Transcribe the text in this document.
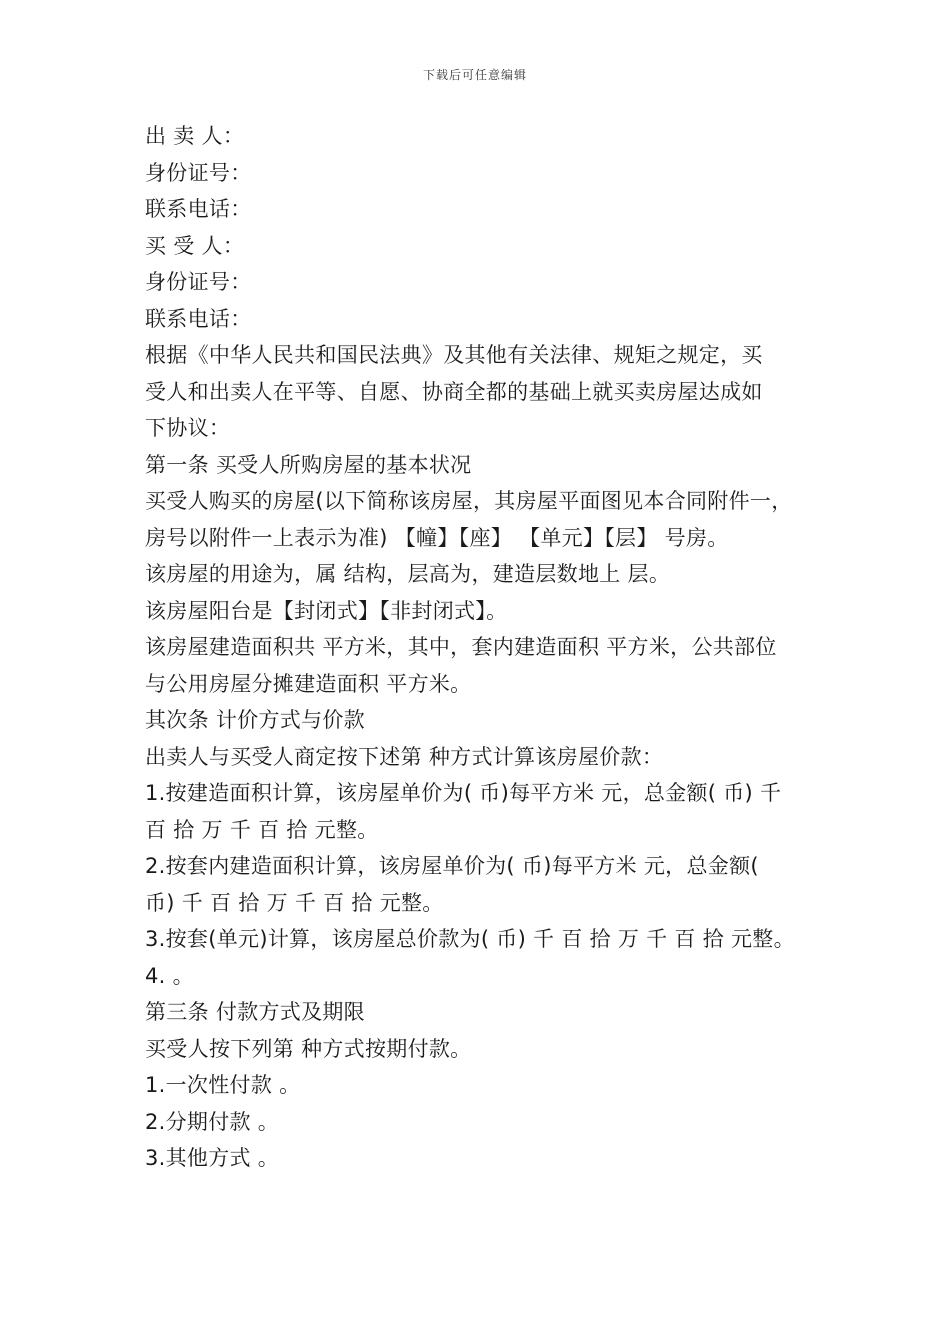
下载后可任意编辑
出 卖 人：
身份证号：
联系电话：
买 受 人：
身份证号：
联系电话：
根据《中华人民共和国民法典》及其他有关法律、规矩之规定，买
受人和出卖人在平等、自愿、协商全都的基础上就买卖房屋达成如
下协议：
第一条 买受人所购房屋的基本状况
买受人购买的房屋(以下简称该房屋，其房屋平面图见本合同附件一，
房号以附件一上表示为准) 【幢】【座】 【单元】【层】 号房。
该房屋的用途为，属 结构，层高为，建造层数地上 层。
该房屋阳台是【封闭式】【非封闭式】。
该房屋建造面积共 平方米，其中，套内建造面积 平方米，公共部位
与公用房屋分摊建造面积 平方米。
其次条 计价方式与价款
出卖人与买受人商定按下述第 种方式计算该房屋价款：
1.按建造面积计算，该房屋单价为( 币)每平方米 元，总金额( 币) 千
百 拾 万 千 百 拾 元整。
2.按套内建造面积计算，该房屋单价为( 币)每平方米 元，总金额(
币) 千 百 拾 万 千 百 拾 元整。
3.按套(单元)计算，该房屋总价款为( 币) 千 百 拾 万 千 百 拾 元整。
4. 。
第三条 付款方式及期限
买受人按下列第 种方式按期付款。
1.一次性付款 。
2.分期付款 。
3.其他方式 。
